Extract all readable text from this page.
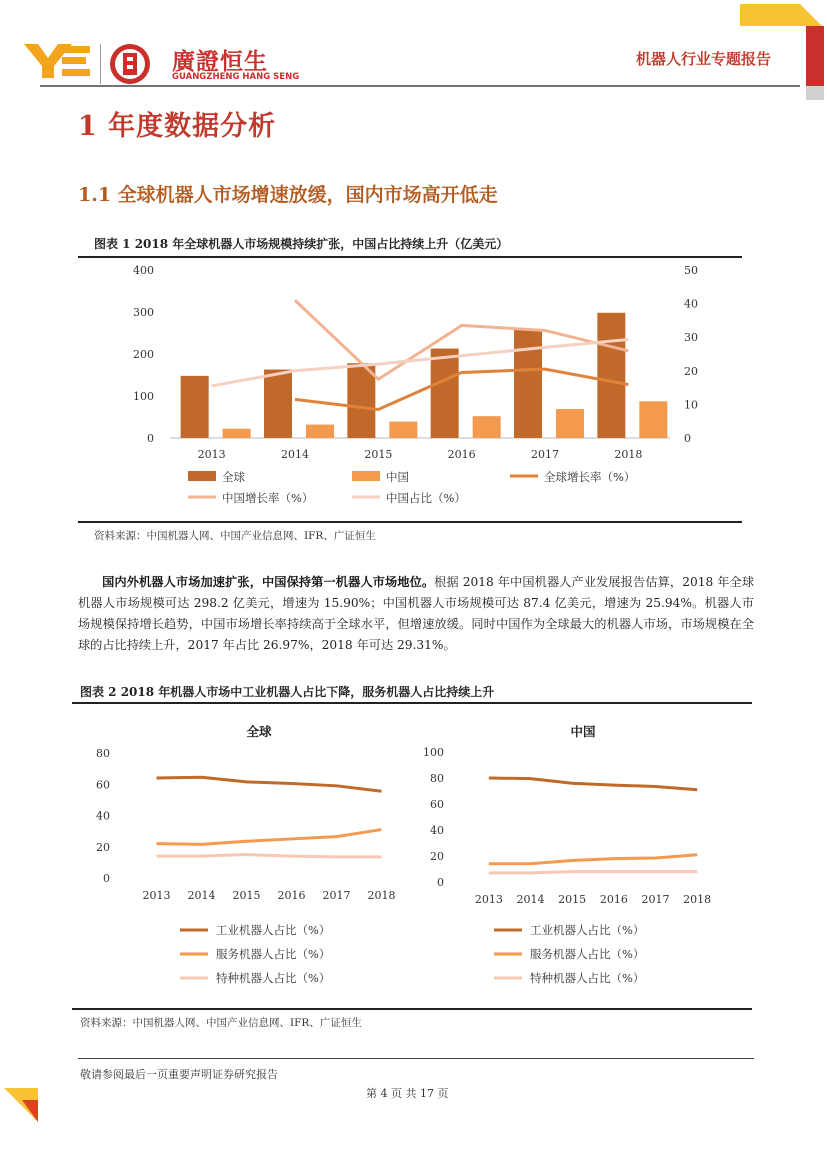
廣證恒生
GUANGZHENG HANG SENG
机器人行业专题报告
1 年度数据分析
1.1 全球机器人市场增速放缓，国内市场高开低走
图表 1 2018 年全球机器人市场规模持续扩张，中国占比持续上升（亿美元）
0
100
200
300
400
0
10
20
30
40
50
2013	2014	2015	2016	2017	2018
全球	中国	全球增长率（%）
中国增长率（%）	中国占比（%）
资料来源：中国机器人网、中国产业信息网、IFR、广证恒生
国内外机器人市场加速扩张，中国保持第一机器人市场地位。根据 2018 年中国机器人产业发展报告估算，2018 年全球机器人市场规模可达 298.2 亿美元，增速为 15.90%；中国机器人市场规模可达 87.4 亿美元，增速为 25.94%。机器人市场规模保持增长趋势，中国市场增长率持续高于全球水平，但增速放缓。同时中国作为全球最大的机器人市场，市场规模在全球的占比持续上升，2017 年占比 26.97%，2018 年可达 29.31%。
图表 2 2018 年机器人市场中工业机器人占比下降，服务机器人占比持续上升
全球
0
20
40
60
80
2013 2014 2015 2016 2017 2018
工业机器人占比（%）
服务机器人占比（%）
特种机器人占比（%）
中国
0
20
40
60
80
100
2013 2014 2015 2016 2017 2018
工业机器人占比（%）
服务机器人占比（%）
特种机器人占比（%）
资料来源：中国机器人网、中国产业信息网、IFR、广证恒生
敬请参阅最后一页重要声明证券研究报告
第 4 页 共 17 页
